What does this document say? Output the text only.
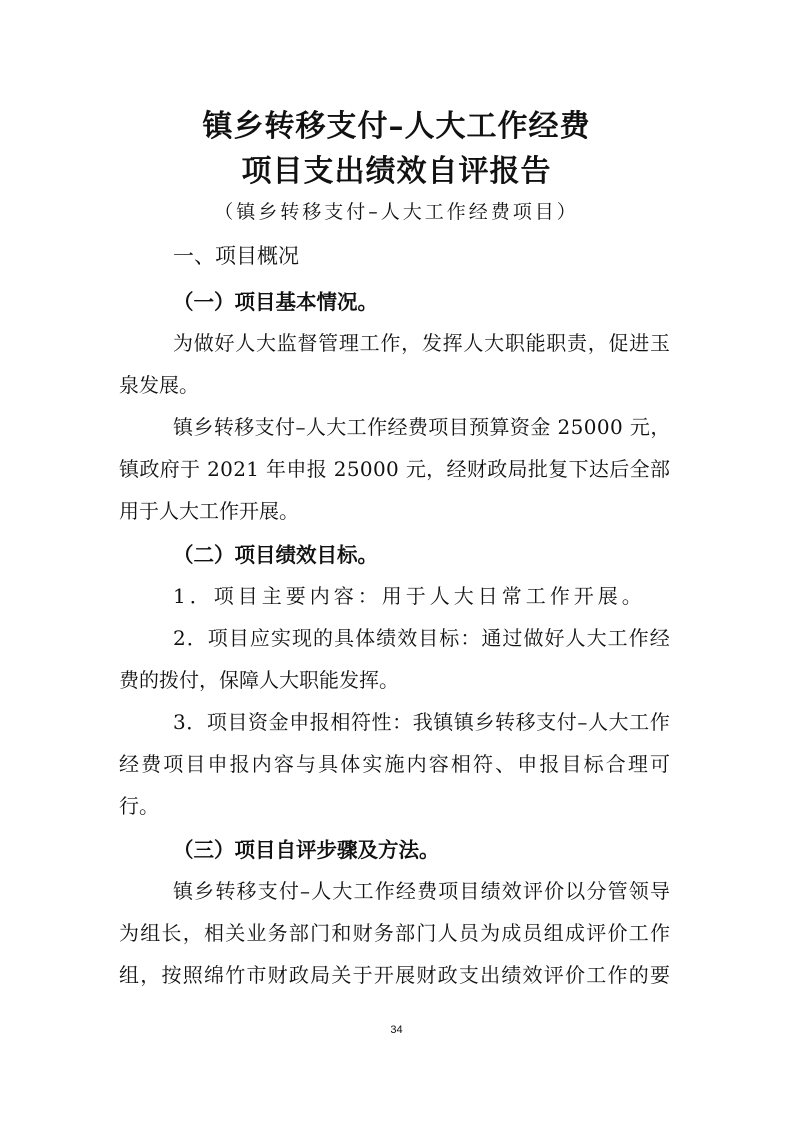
镇乡转移支付–人大工作经费
项目支出绩效自评报告
（镇乡转移支付–人大工作经费项目）
一、项目概况
（一）项目基本情况。
为做好人大监督管理工作，发挥人大职能职责，促进玉
泉发展。
镇乡转移支付–人大工作经费项目预算资金 25000 元，
镇政府于 2021 年申报 25000 元，经财政局批复下达后全部
用于人大工作开展。
（二）项目绩效目标。
1．项目主要内容：用于人大日常工作开展。
2．项目应实现的具体绩效目标：通过做好人大工作经
费的拨付，保障人大职能发挥。
3．项目资金申报相符性：我镇镇乡转移支付–人大工作
经费项目申报内容与具体实施内容相符、申报目标合理可
行。
（三）项目自评步骤及方法。
镇乡转移支付–人大工作经费项目绩效评价以分管领导
为组长，相关业务部门和财务部门人员为成员组成评价工作
组，按照绵竹市财政局关于开展财政支出绩效评价工作的要
34
